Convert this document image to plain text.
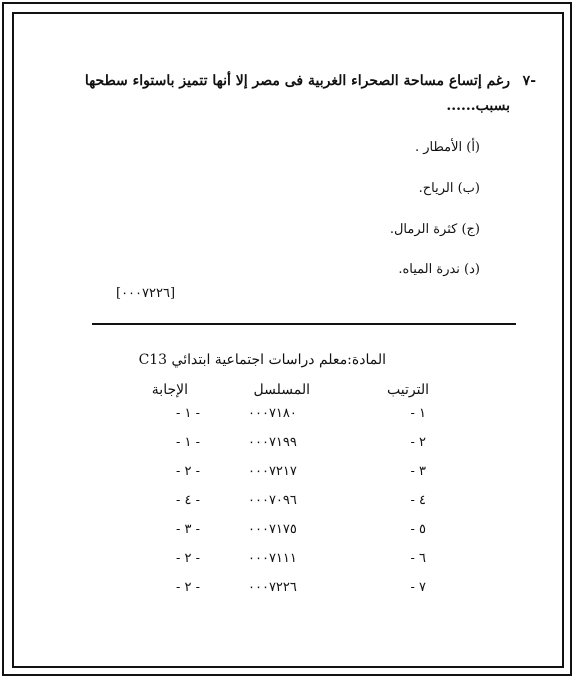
-٧
رغم إتساع مساحة الصحراء الغربية فى مصر إلا أنها تتميز باستواء سطحها
بسبب......
(أ) الأمطار .
(ب) الرياح.
(ج) كثرة الرمال.
(د) ندرة المياه.
[٠٠٠٧٢٢٦]
المادة:معلم دراسات اجتماعية ابتدائي C13
الترتيب
المسلسل
الإجابة
١ -
٠٠٠٧١٨٠
- ١ -
٢ -
٠٠٠٧١٩٩
- ١ -
٣ -
٠٠٠٧٢١٧
- ٢ -
٤ -
٠٠٠٧٠٩٦
- ٤ -
٥ -
٠٠٠٧١٧٥
- ٣ -
٦ -
٠٠٠٧١١١
- ٢ -
٧ -
٠٠٠٧٢٢٦
- ٢ -
